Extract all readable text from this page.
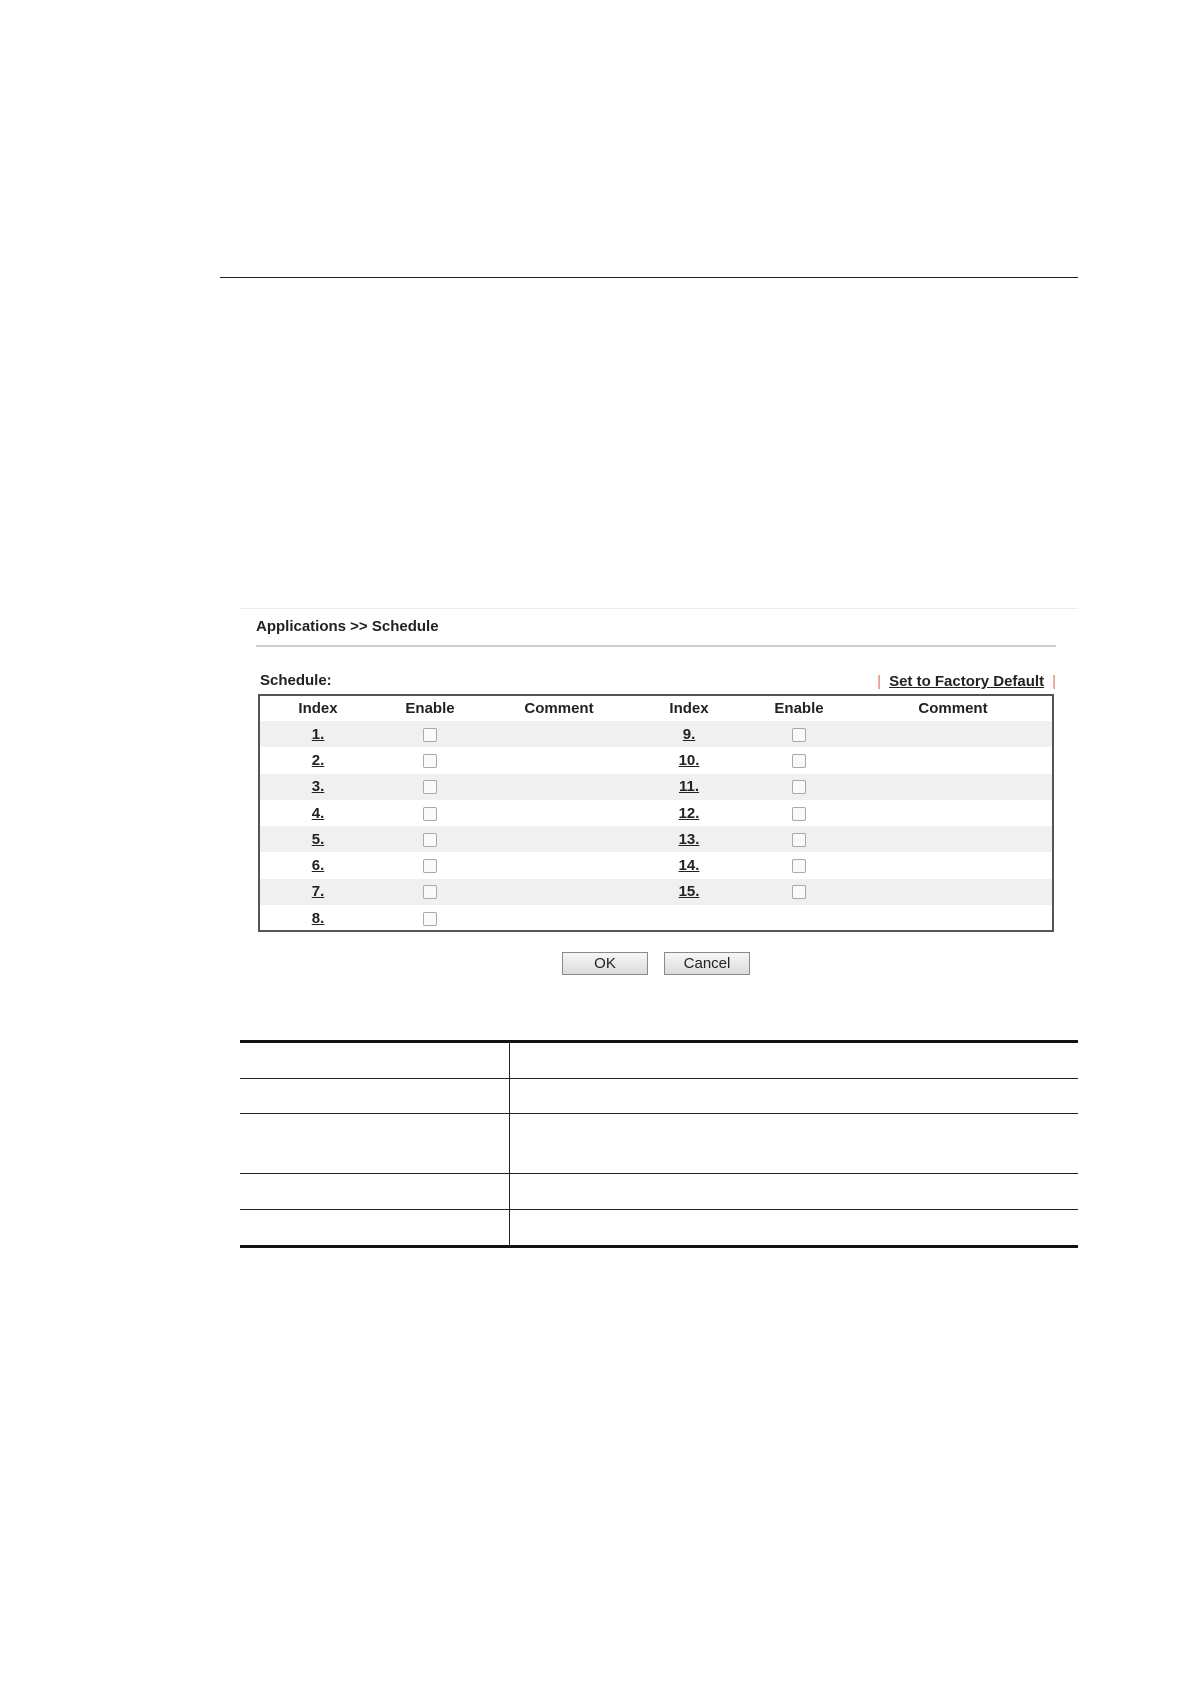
Applications >> Schedule
Schedule:	| Set to Factory Default |
Index	Enable	Comment	Index	Enable	Comment
1.			9.		
2.			10.		
3.			11.		
4.			12.		
5.			13.		
6.			14.		
7.			15.		
8.					
OK	Cancel
